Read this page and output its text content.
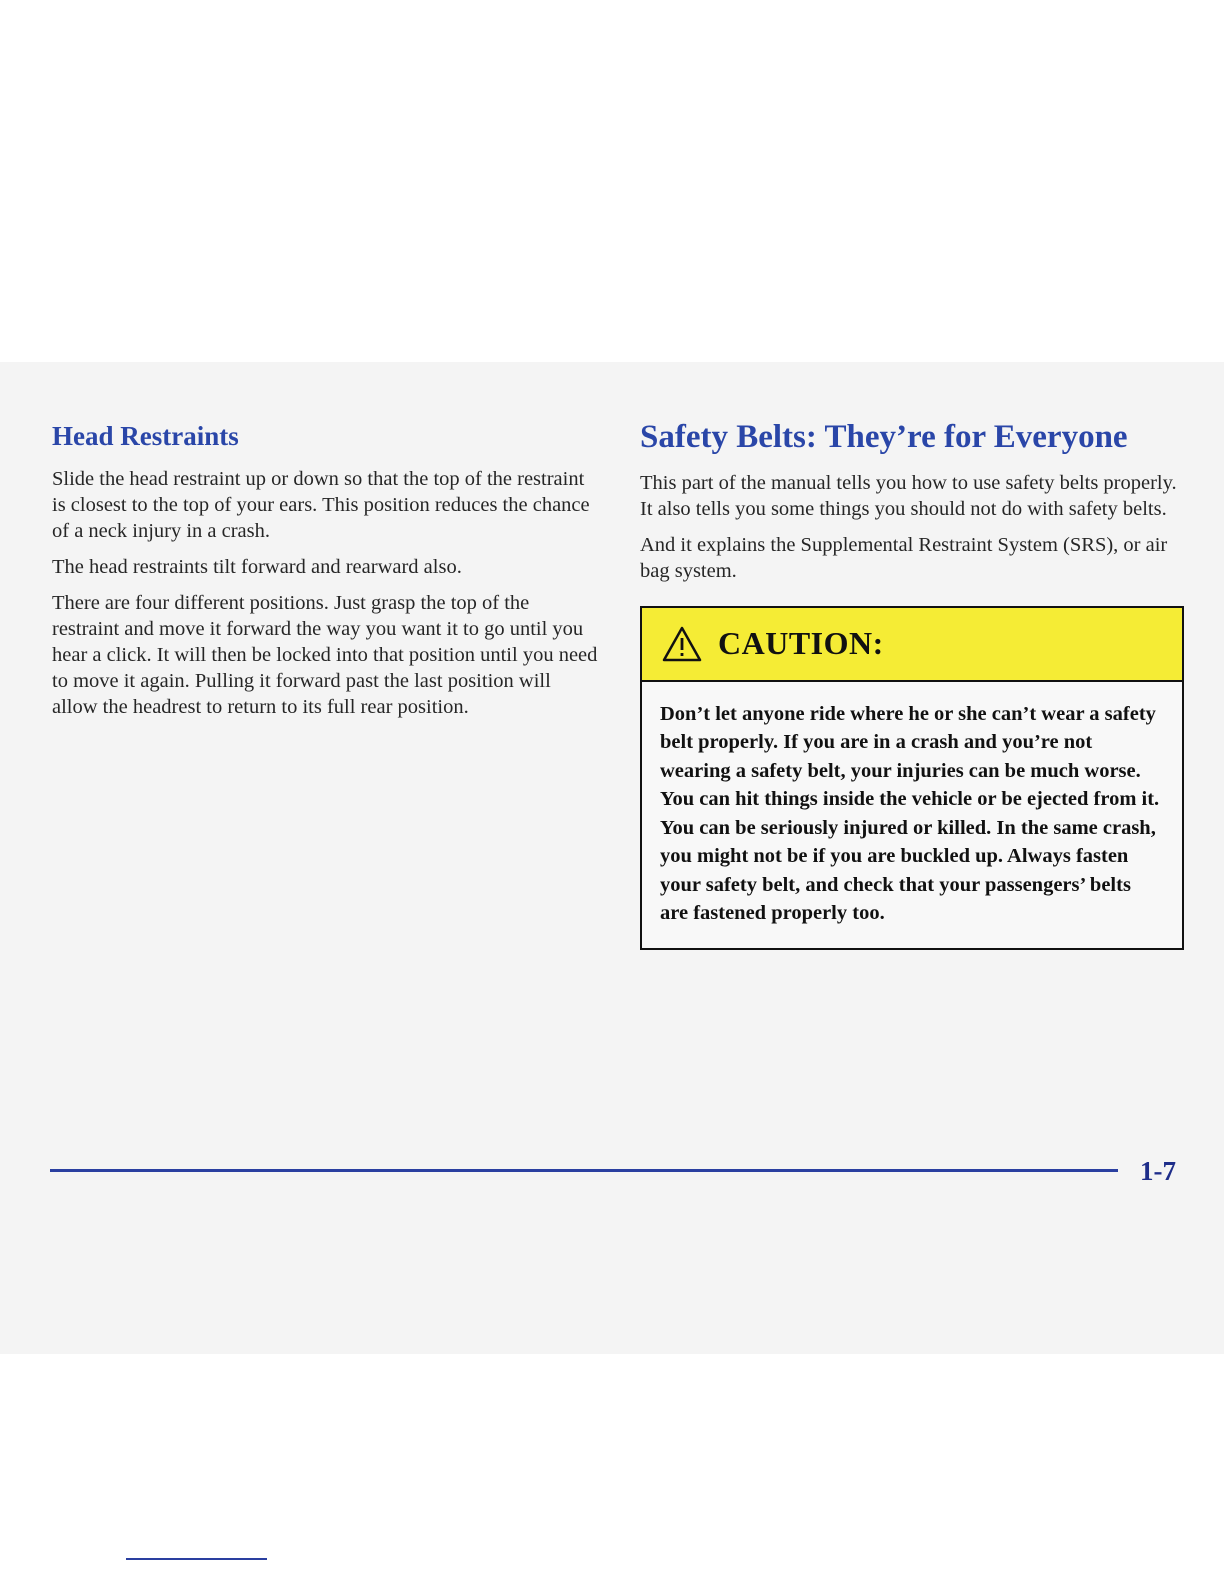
Head Restraints

Slide the head restraint up or down so that the top of the restraint is closest to the top of your ears. This position reduces the chance of a neck injury in a crash.

The head restraints tilt forward and rearward also.

There are four different positions. Just grasp the top of the restraint and move it forward the way you want it to go until you hear a click. It will then be locked into that position until you need to move it again. Pulling it forward past the last position will allow the headrest to return to its full rear position.

Safety Belts: They’re for Everyone

This part of the manual tells you how to use safety belts properly. It also tells you some things you should not do with safety belts.

And it explains the Supplemental Restraint System (SRS), or air bag system.

CAUTION:
Don’t let anyone ride where he or she can’t wear a safety belt properly. If you are in a crash and you’re not wearing a safety belt, your injuries can be much worse. You can hit things inside the vehicle or be ejected from it. You can be seriously injured or killed. In the same crash, you might not be if you are buckled up. Always fasten your safety belt, and check that your passengers’ belts are fastened properly too.
1-7
